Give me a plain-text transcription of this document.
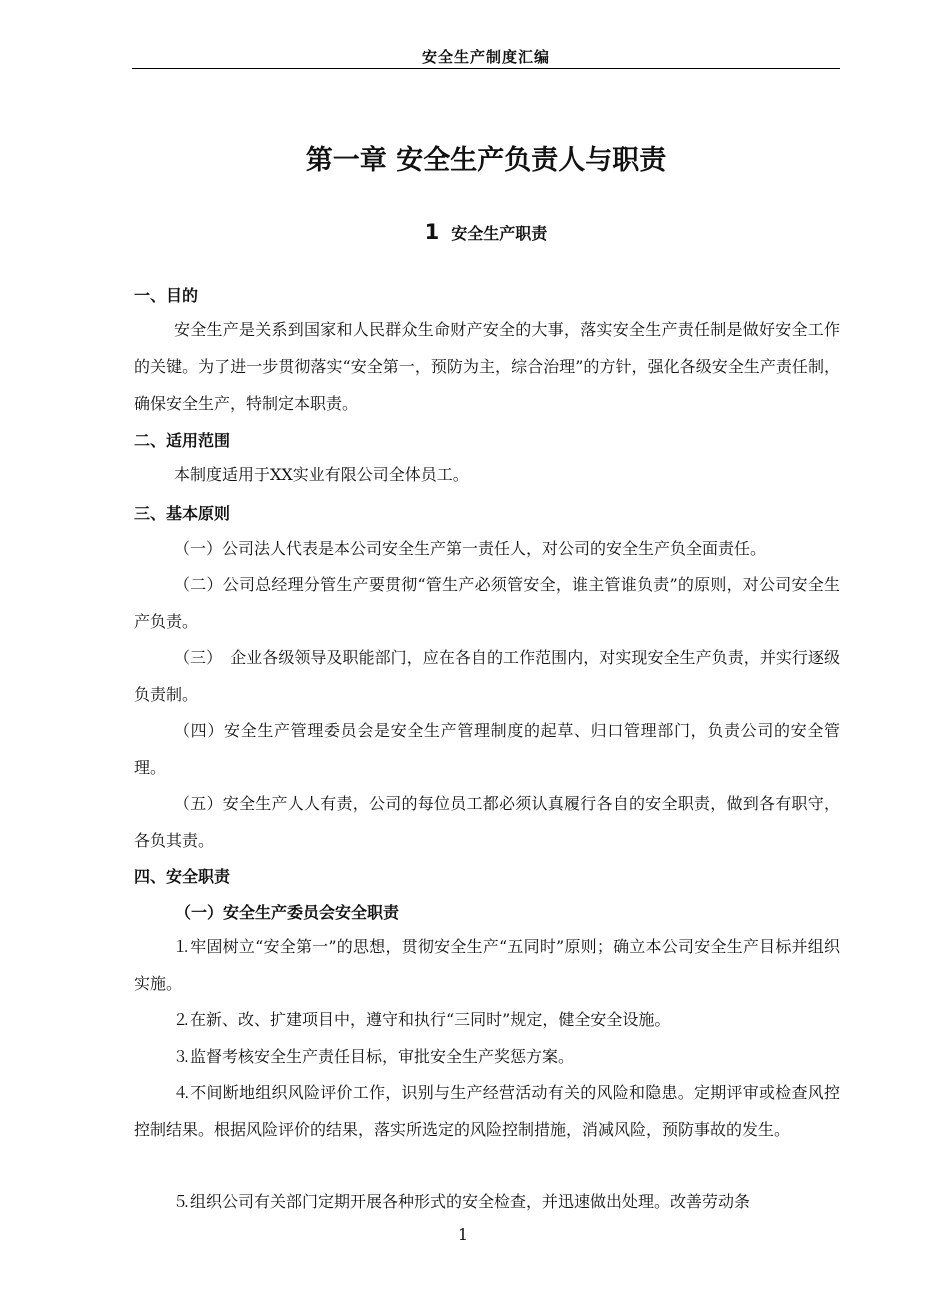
安全生产制度汇编
第一章 安全生产负责人与职责
1 安全生产职责
一、目的
安全生产是关系到国家和人民群众生命财产安全的大事，落实安全生产责任制是做好安全工作的关键。为了进一步贯彻落实“安全第一，预防为主，综合治理”的方针，强化各级安全生产责任制，确保安全生产，特制定本职责。
二、适用范围
本制度适用于XX实业有限公司全体员工。
三、基本原则
（一）公司法人代表是本公司安全生产第一责任人，对公司的安全生产负全面责任。
（二）公司总经理分管生产要贯彻“管生产必须管安全，谁主管谁负责”的原则，对公司安全生产负责。
（三）　企业各级领导及职能部门，应在各自的工作范围内，对实现安全生产负责，并实行逐级负责制。
（四）安全生产管理委员会是安全生产管理制度的起草、归口管理部门，负责公司的安全管理。
（五）安全生产人人有责，公司的每位员工都必须认真履行各自的安全职责，做到各有职守，各负其责。
四、安全职责
（一）安全生产委员会安全职责
⒈牢固树立“安全第一”的思想，贯彻安全生产“五同时”原则；确立本公司安全生产目标并组织实施。
⒉在新、改、扩建项目中，遵守和执行“三同时”规定，健全安全设施。
⒊监督考核安全生产责任目标，审批安全生产奖惩方案。
⒋不间断地组织风险评价工作，识别与生产经营活动有关的风险和隐患。定期评审或检查风控控制结果。根据风险评价的结果，落实所选定的风险控制措施，消减风险，预防事故的发生。
⒌组织公司有关部门定期开展各种形式的安全检查，并迅速做出处理。改善劳动条
1
